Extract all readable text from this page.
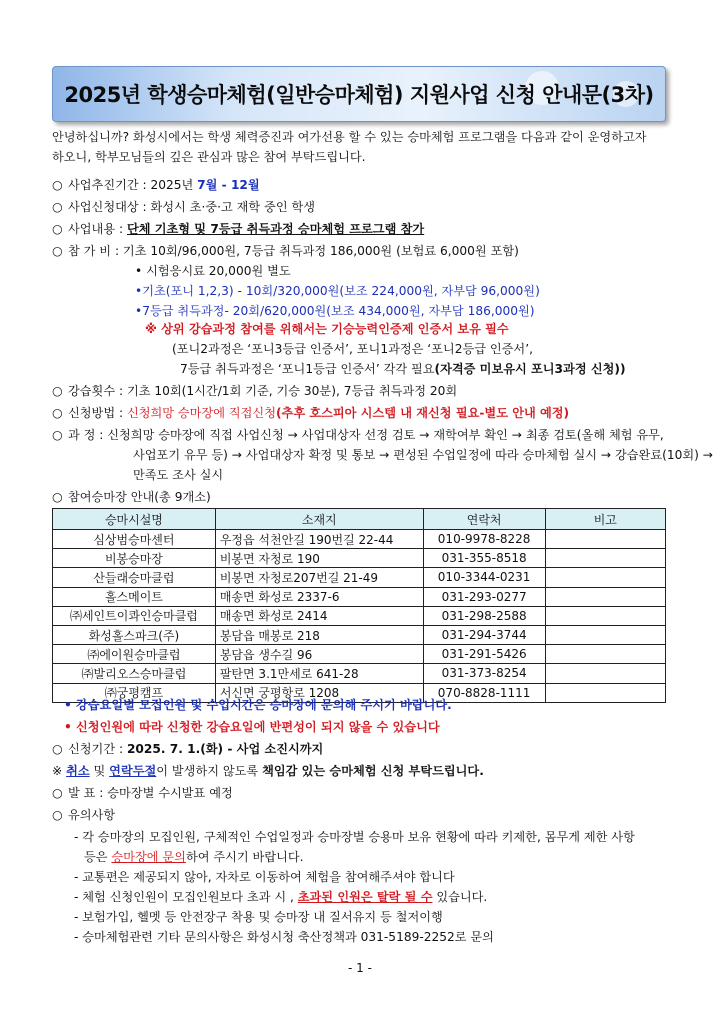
2025년 학생승마체험(일반승마체험) 지원사업 신청 안내문(3차)
안녕하십니까? 화성시에서는 학생 체력증진과 여가선용 할 수 있는 승마체험 프로그램을 다음과 같이 운영하고자
하오니, 학부모님들의 깊은 관심과 많은 참여 부탁드립니다.
○ 사업추진기간 : 2025년 7월 - 12월
○ 사업신청대상 : 화성시 초·중·고 재학 중인 학생
○ 사업내용 : 단체 기초형 및 7등급 취득과정 승마체험 프로그램 참가
○ 참 가 비 : 기초 10회/96,000원, 7등급 취득과정 186,000원 (보험료 6,000원 포함)
• 시험응시료 20,000원 별도
•기초(포니 1,2,3) - 10회/320,000원(보조 224,000원, 자부담 96,000원)
•7등급 취득과정- 20회/620,000원(보조 434,000원, 자부담 186,000원)
※ 상위 강습과정 참여를 위해서는 기승능력인증제 인증서 보유 필수
(포니2과정은 ‘포니3등급 인증서’, 포니1과정은 ‘포니2등급 인증서’,
7등급 취득과정은 ‘포니1등급 인증서’ 각각 필요(자격증 미보유시 포니3과정 신청))
○ 강습횟수 : 기초 10회(1시간/1회 기준, 기승 30분), 7등급 취득과정 20회
○ 신청방법 : 신청희망 승마장에 직접신청(추후 호스피아 시스템 내 재신청 필요-별도 안내 예정)
○ 과 정 : 신청희망 승마장에 직접 사업신청 → 사업대상자 선정 검토 → 재학여부 확인 → 최종 검토(올해 체험 유무,
사업포기 유무 등) → 사업대상자 확정 및 통보 → 편성된 수업일정에 따라 승마체험 실시 → 강습완료(10회) →
만족도 조사 실시
○ 참여승마장 안내(총 9개소)
승마시설명	소재지	연락처	비고
심상범승마센터	우정읍 석천안길 190번길 22-44	010-9978-8228	
비봉승마장	비봉면 자청로 190	031-355-8518	
산들래승마클럽	비봉면 자청로207번길 21-49	010-3344-0231	
홀스메이트	매송면 화성로 2337-6	031-293-0277	
㈜세인트이콰인승마클럽	매송면 화성로 2414	031-298-2588	
화성홀스파크(주)	봉담읍 매봉로 218	031-294-3744	
㈜에이원승마클럽	봉담읍 생수길 96	031-291-5426	
㈜발리오스승마클럽	팔탄면 3.1만세로 641-28	031-373-8254	
㈜궁평캠프	서신면 궁평항로 1208	070-8828-1111	
• 강습요일별 모집인원 및 수업시간은 승마장에 문의해 주시기 바랍니다.
• 신청인원에 따라 신청한 강습요일에 반편성이 되지 않을 수 있습니다
○ 신청기간 : 2025. 7. 1.(화) - 사업 소진시까지
※ 취소 및 연락두절이 발생하지 않도록 책임감 있는 승마체험 신청 부탁드립니다.
○ 발 표 : 승마장별 수시발표 예정
○ 유의사항
- 각 승마장의 모집인원, 구체적인 수업일정과 승마장별 승용마 보유 현황에 따라 키제한, 몸무게 제한 사항
등은 승마장에 문의하여 주시기 바랍니다.
- 교통편은 제공되지 않아, 자차로 이동하여 체험을 참여해주셔야 합니다
- 체험 신청인원이 모집인원보다 초과 시 , 초과된 인원은 탈락 될 수 있습니다.
- 보험가입, 헬멧 등 안전장구 착용 및 승마장 내 질서유지 등 철저이행
- 승마체험관련 기타 문의사항은 화성시청 축산정책과 031-5189-2252로 문의
- 1 -
